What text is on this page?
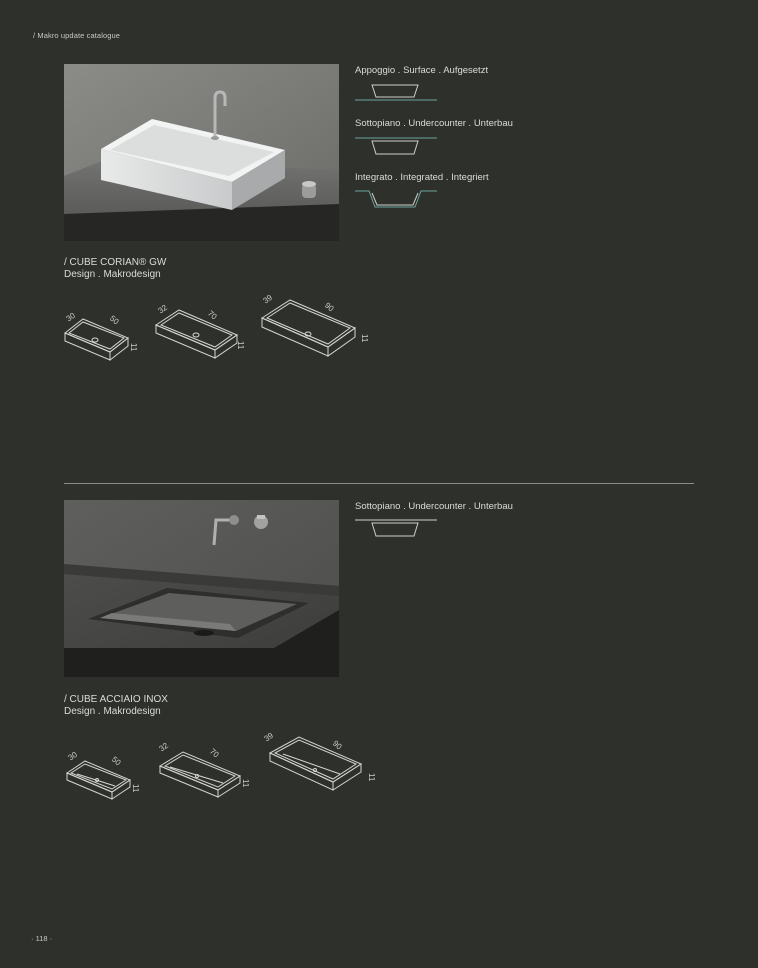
/ Makro update catalogue
Appoggio . Surface . Aufgesetzt
Sottopiano . Undercounter . Unterbau
Integrato . Integrated . Integriert
/ CUBE CORIAN® GW
Design . Makrodesign
30	50
11
32	70
11
39
90
11
Sottopiano . Undercounter . Unterbau
/ CUBE ACCIAIO INOX
Design . Makrodesign
30	50
11
32	70
11
39
90
11
· 118 ·
